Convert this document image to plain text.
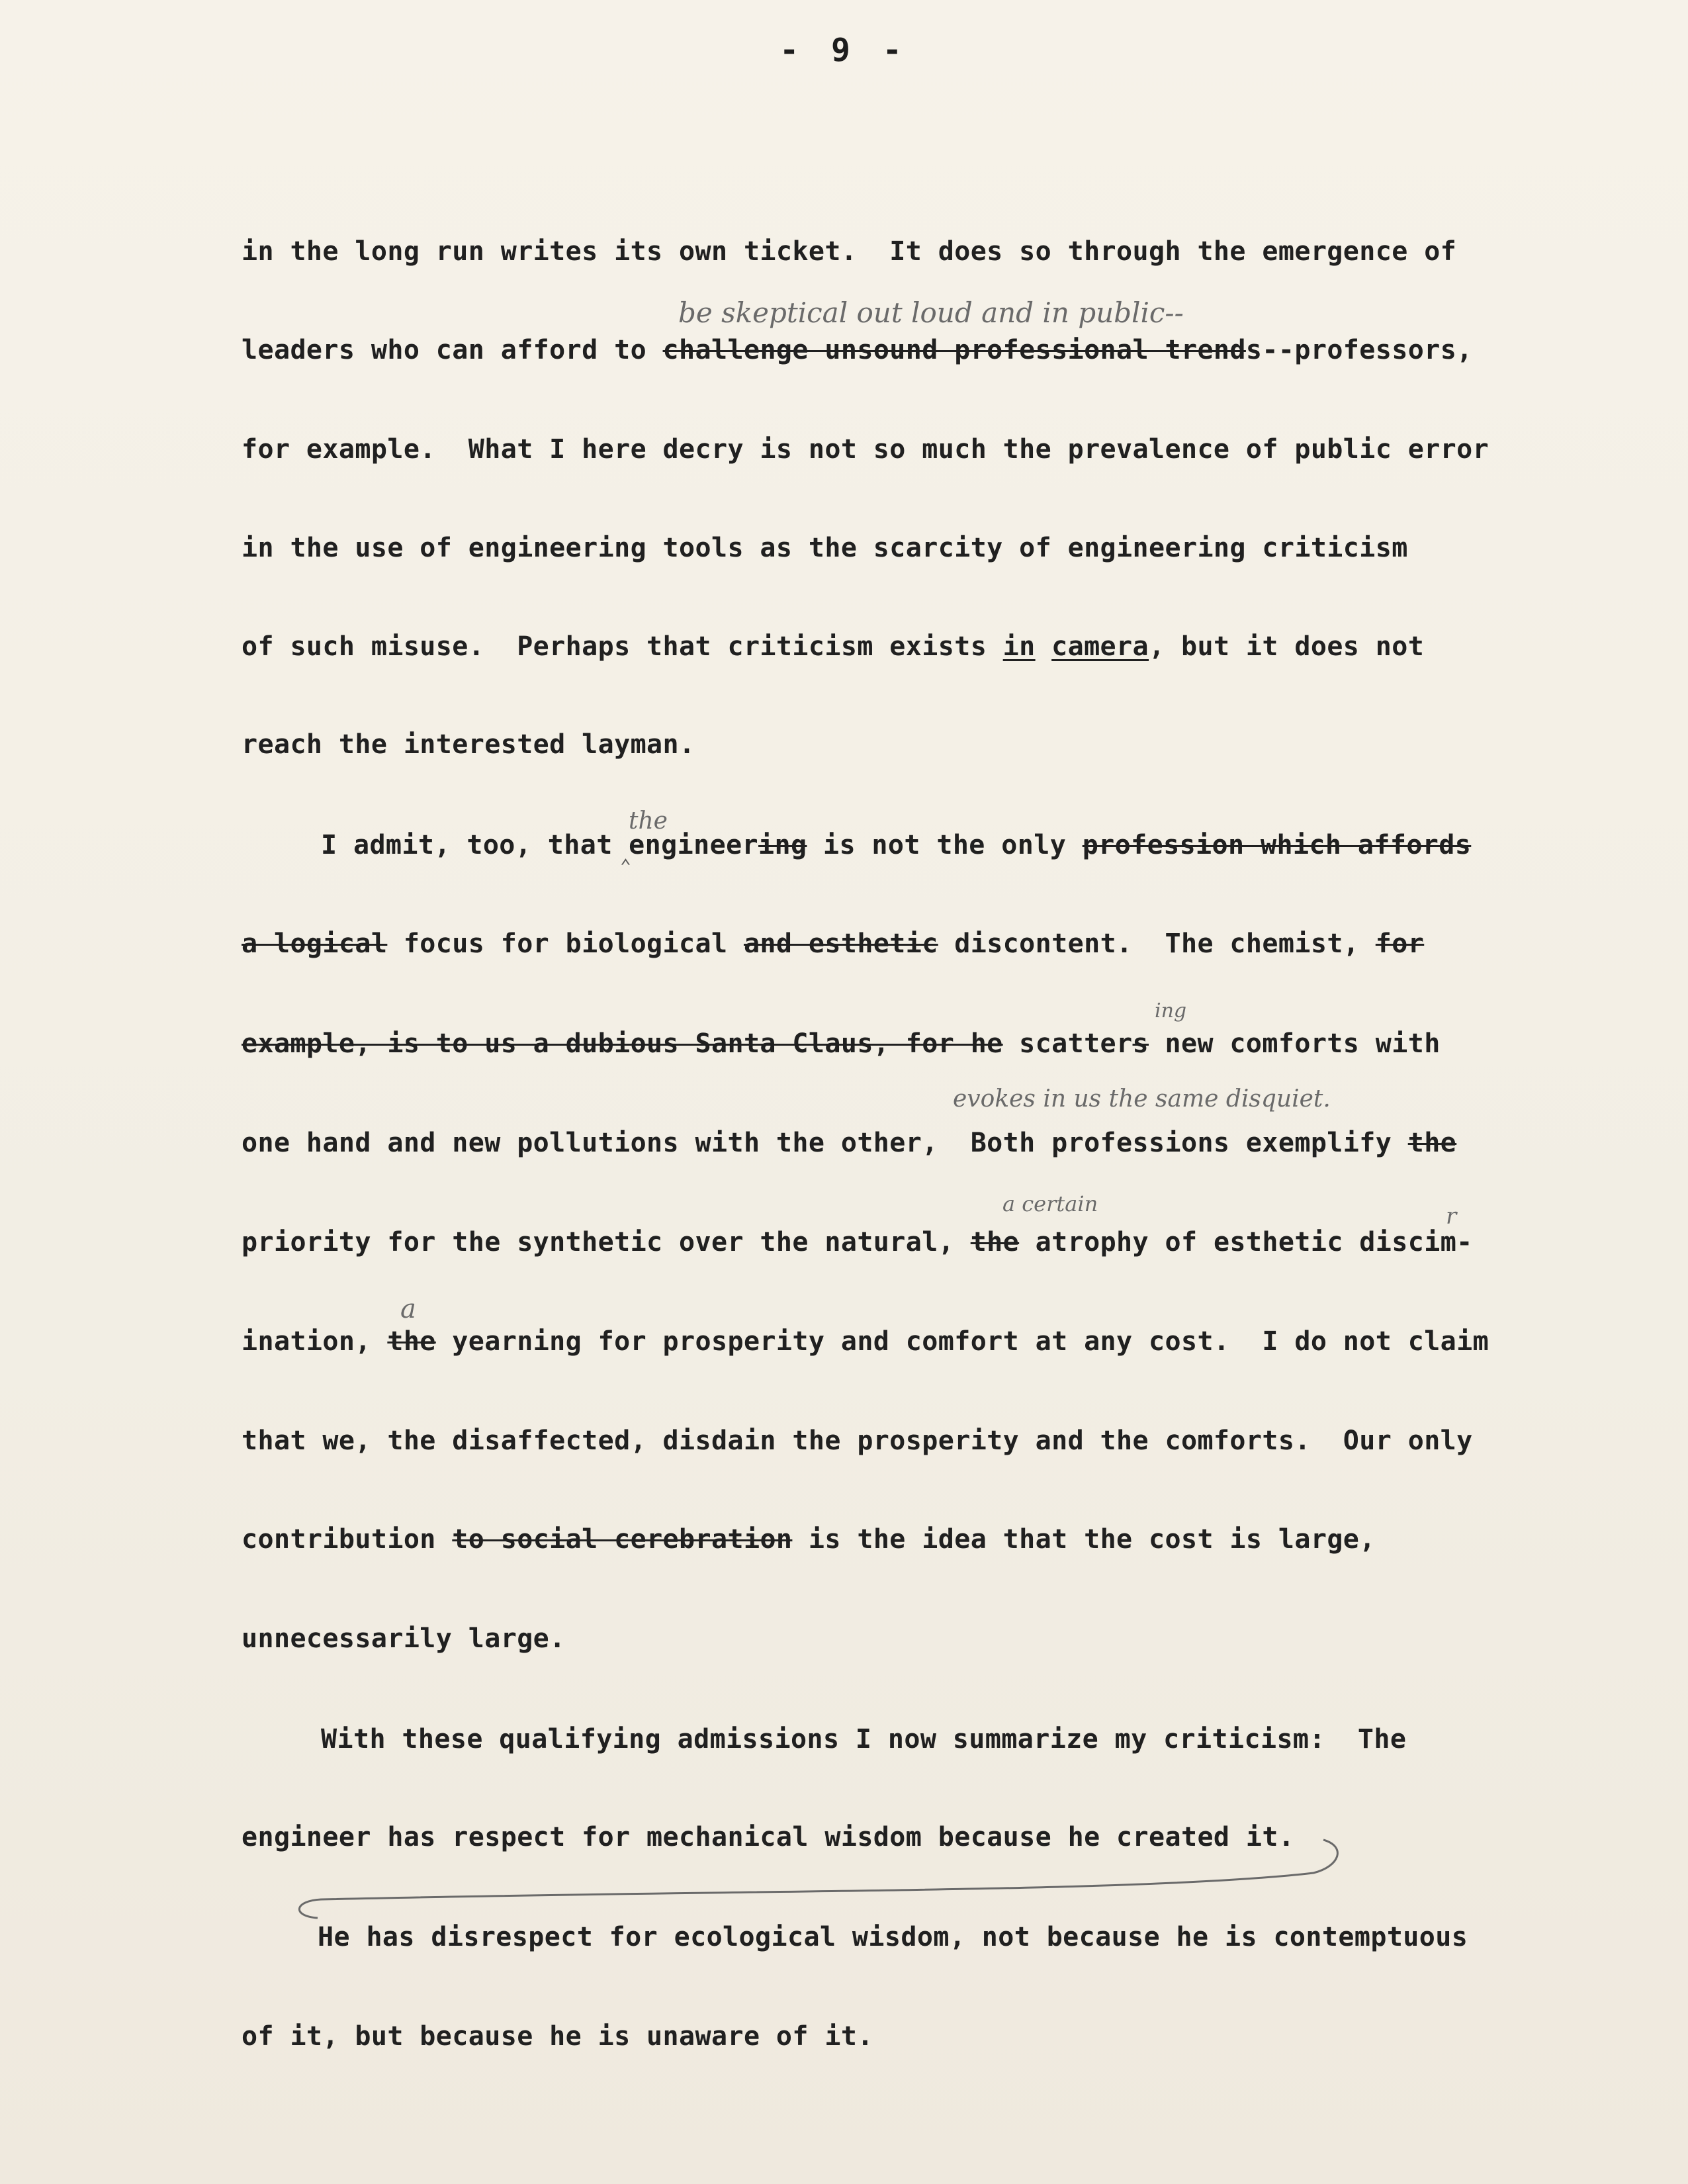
- 9 -
in the long run writes its own ticket.  It does so through the emergence of
be skeptical out loud and in public--
leaders who can afford to challenge unsound professional trends--professors,
for example.  What I here decry is not so much the prevalence of public error
in the use of engineering tools as the scarcity of engineering criticism
of such misuse.  Perhaps that criticism exists in camera, but it does not
reach the interested layman.
the
⌃
I admit, too, that engineering is not the only profession which affords
a logical focus for biological and esthetic discontent.  The chemist, for
ing
example, is to us a dubious Santa Claus, for he scatters new comforts with
evokes in us the same disquiet.
one hand and new pollutions with the other,  Both professions exemplify the
a certain	r
priority for the synthetic over the natural, the atrophy of esthetic discim-
a
ination, the yearning for prosperity and comfort at any cost.  I do not claim
that we, the disaffected, disdain the prosperity and the comforts.  Our only
contribution to social cerebration is the idea that the cost is large,
unnecessarily large.
With these qualifying admissions I now summarize my criticism:  The
engineer has respect for mechanical wisdom because he created it.
He has disrespect for ecological wisdom, not because he is contemptuous
of it, but because he is unaware of it.
